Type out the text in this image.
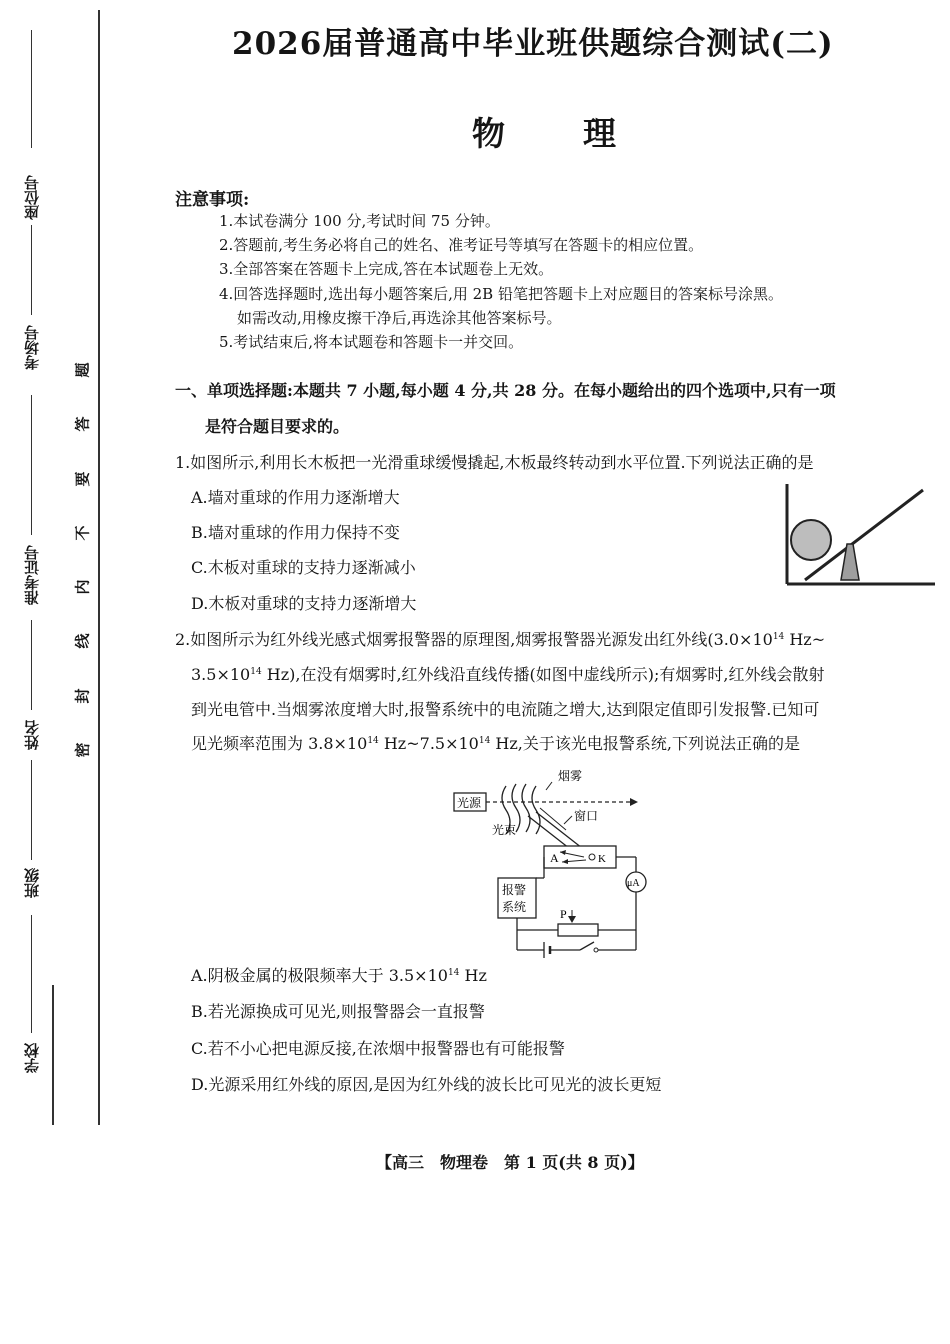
座位号
考场号
准考证号
姓名
班级
学校
题
答
要
不
内
线
封
密
2026届普通高中毕业班供题综合测试(二)
物理
注意事项:
1.本试卷满分 100 分,考试时间 75 分钟。
2.答题前,考生务必将自己的姓名、准考证号等填写在答题卡的相应位置。
3.全部答案在答题卡上完成,答在本试题卷上无效。
4.回答选择题时,选出每小题答案后,用 2B 铅笔把答题卡上对应题目的答案标号涂黑。
如需改动,用橡皮擦干净后,再选涂其他答案标号。
5.考试结束后,将本试题卷和答题卡一并交回。
一、单项选择题:本题共 7 小题,每小题 4 分,共 28 分。在每小题给出的四个选项中,只有一项
是符合题目要求的。
1.如图所示,利用长木板把一光滑重球缓慢撬起,木板最终转动到水平位置.下列说法正确的是
A.墙对重球的作用力逐渐增大
B.墙对重球的作用力保持不变
C.木板对重球的支持力逐渐减小
D.木板对重球的支持力逐渐增大
2.如图所示为红外线光感式烟雾报警器的原理图,烟雾报警器光源发出红外线($3.0\times 10^{14}$ Hz~
$3.5\times 10^{14}$ Hz),在没有烟雾时,红外线沿直线传播(如图中虚线所示);有烟雾时,红外线会散射
到光电管中.当烟雾浓度增大时,报警系统中的电流随之增大,达到限定值即引发报警.已知可
见光频率范围为 $3.8\times 10^{14}$ $Hz\sim 7.5\times 10^{14}$ Hz,关于该光电报警系统,下列说法正确的是
烟雾
光源
窗口
光束
A	K
μA
报警
系统	P
A.阴极金属的极限频率大于 $3.5\times 10^{14}$ Hz
B.若光源换成可见光,则报警器会一直报警
C.若不小心把电源反接,在浓烟中报警器也有可能报警
D.光源采用红外线的原因,是因为红外线的波长比可见光的波长更短
【高三　物理卷　第 1 页(共 8 页)】
